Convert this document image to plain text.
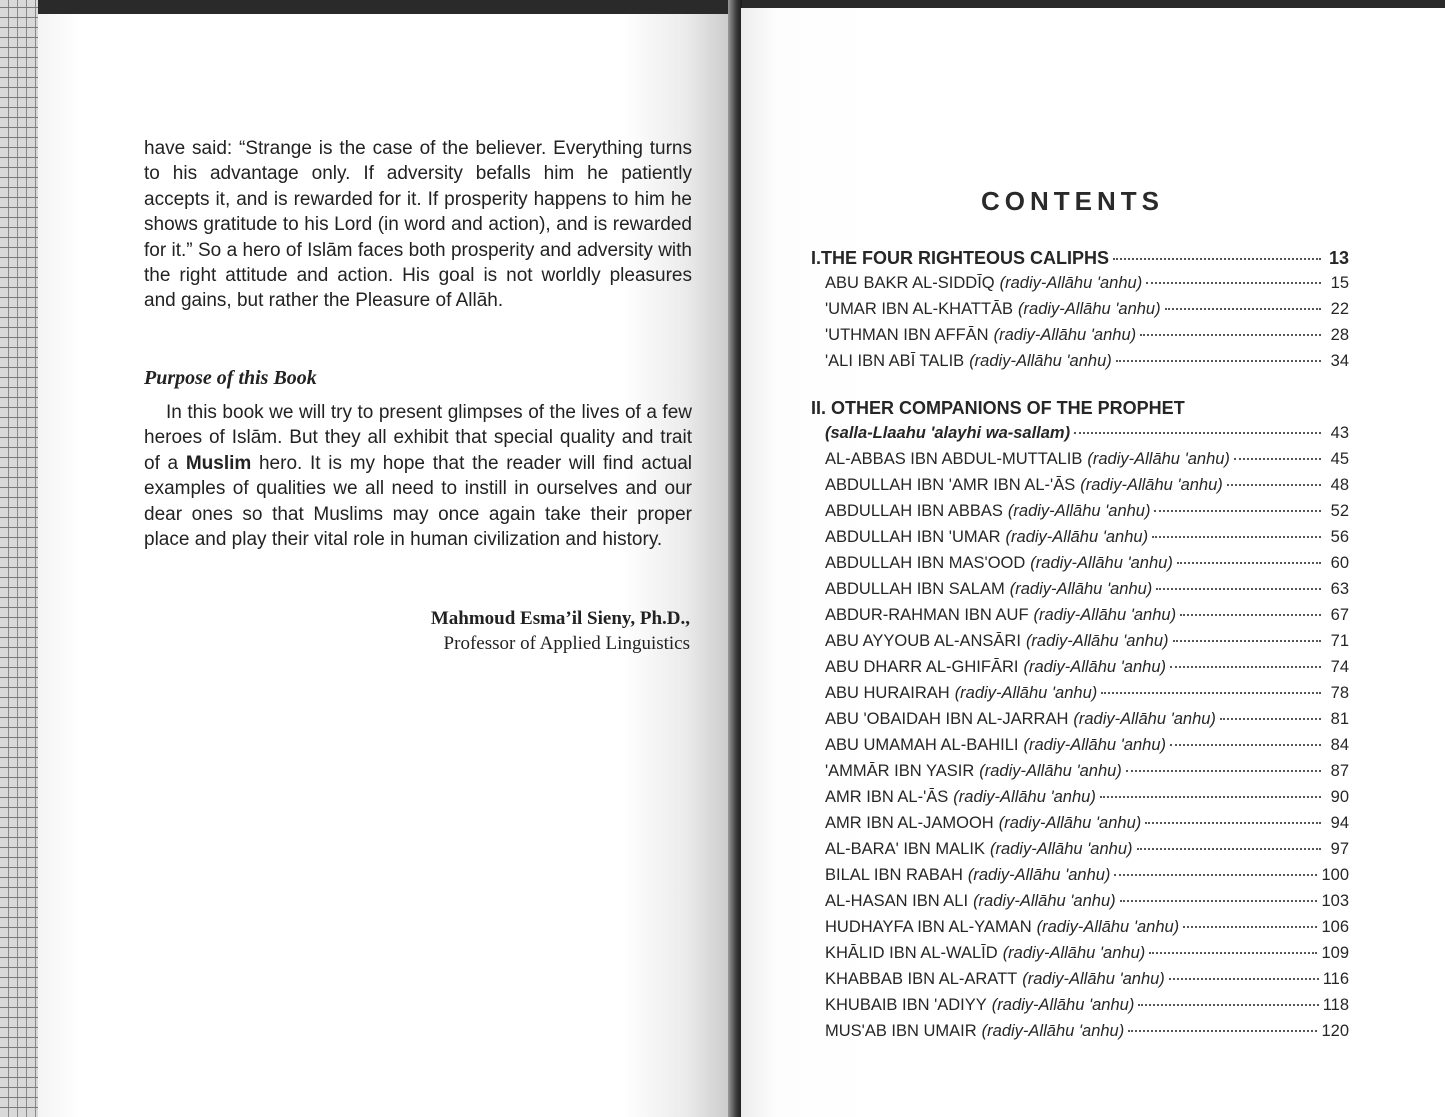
have said: “Strange is the case of the believer. Everything turns to his advantage only. If adversity befalls him he patiently accepts it, and is rewarded for it. If prosperity happens to him he shows gratitude to his Lord (in word and action), and is rewarded for it.” So a hero of Islām faces both prosperity and adversity with the right attitude and action. His goal is not worldly pleasures and gains, but rather the Pleasure of Allāh.

Purpose of this Book

In this book we will try to present glimpses of the lives of a few heroes of Islām. But they all exhibit that special quality and trait of a Muslim hero. It is my hope that the reader will find actual examples of qualities we all need to instill in ourselves and our dear ones so that Muslims may once again take their proper place and play their vital role in human civilization and history.

Mahmoud Esma’il Sieny, Ph.D.,
Professor of Applied Linguistics
CONTENTS
I.THE FOUR RIGHTEOUS CALIPHS	13
ABU BAKR AL-SIDDĪQ (radiy-Allāhu 'anhu)	15
'UMAR IBN AL-KHATTĀB (radiy-Allāhu 'anhu)	22
'UTHMAN IBN AFFĀN (radiy-Allāhu 'anhu)	28
'ALI IBN ABĪ TALIB (radiy-Allāhu 'anhu)	34
II. OTHER COMPANIONS OF THE PROPHET
(salla-Llaahu 'alayhi wa-sallam)	43
AL-ABBAS IBN ABDUL-MUTTALIB (radiy-Allāhu 'anhu)	45
ABDULLAH IBN 'AMR IBN AL-'ĀS (radiy-Allāhu 'anhu)	48
ABDULLAH IBN ABBAS (radiy-Allāhu 'anhu)	52
ABDULLAH IBN 'UMAR (radiy-Allāhu 'anhu)	56
ABDULLAH IBN MAS'OOD (radiy-Allāhu 'anhu)	60
ABDULLAH IBN SALAM (radiy-Allāhu 'anhu)	63
ABDUR-RAHMAN IBN AUF (radiy-Allāhu 'anhu)	67
ABU AYYOUB AL-ANSĀRI (radiy-Allāhu 'anhu)	71
ABU DHARR AL-GHIFĀRI (radiy-Allāhu 'anhu)	74
ABU HURAIRAH (radiy-Allāhu 'anhu)	78
ABU 'OBAIDAH IBN AL-JARRAH (radiy-Allāhu 'anhu)	81
ABU UMAMAH AL-BAHILI (radiy-Allāhu 'anhu)	84
'AMMĀR IBN YASIR (radiy-Allāhu 'anhu)	87
AMR IBN AL-'ĀS (radiy-Allāhu 'anhu)	90
AMR IBN AL-JAMOOH (radiy-Allāhu 'anhu)	94
AL-BARA' IBN MALIK (radiy-Allāhu 'anhu)	97
BILAL IBN RABAH (radiy-Allāhu 'anhu)	100
AL-HASAN IBN ALI (radiy-Allāhu 'anhu)	103
HUDHAYFA IBN AL-YAMAN (radiy-Allāhu 'anhu)	106
KHĀLID IBN AL-WALĪD (radiy-Allāhu 'anhu)	109
KHABBAB IBN AL-ARATT (radiy-Allāhu 'anhu)	116
KHUBAIB IBN 'ADIYY (radiy-Allāhu 'anhu)	118
MUS'AB IBN UMAIR (radiy-Allāhu 'anhu)	120
